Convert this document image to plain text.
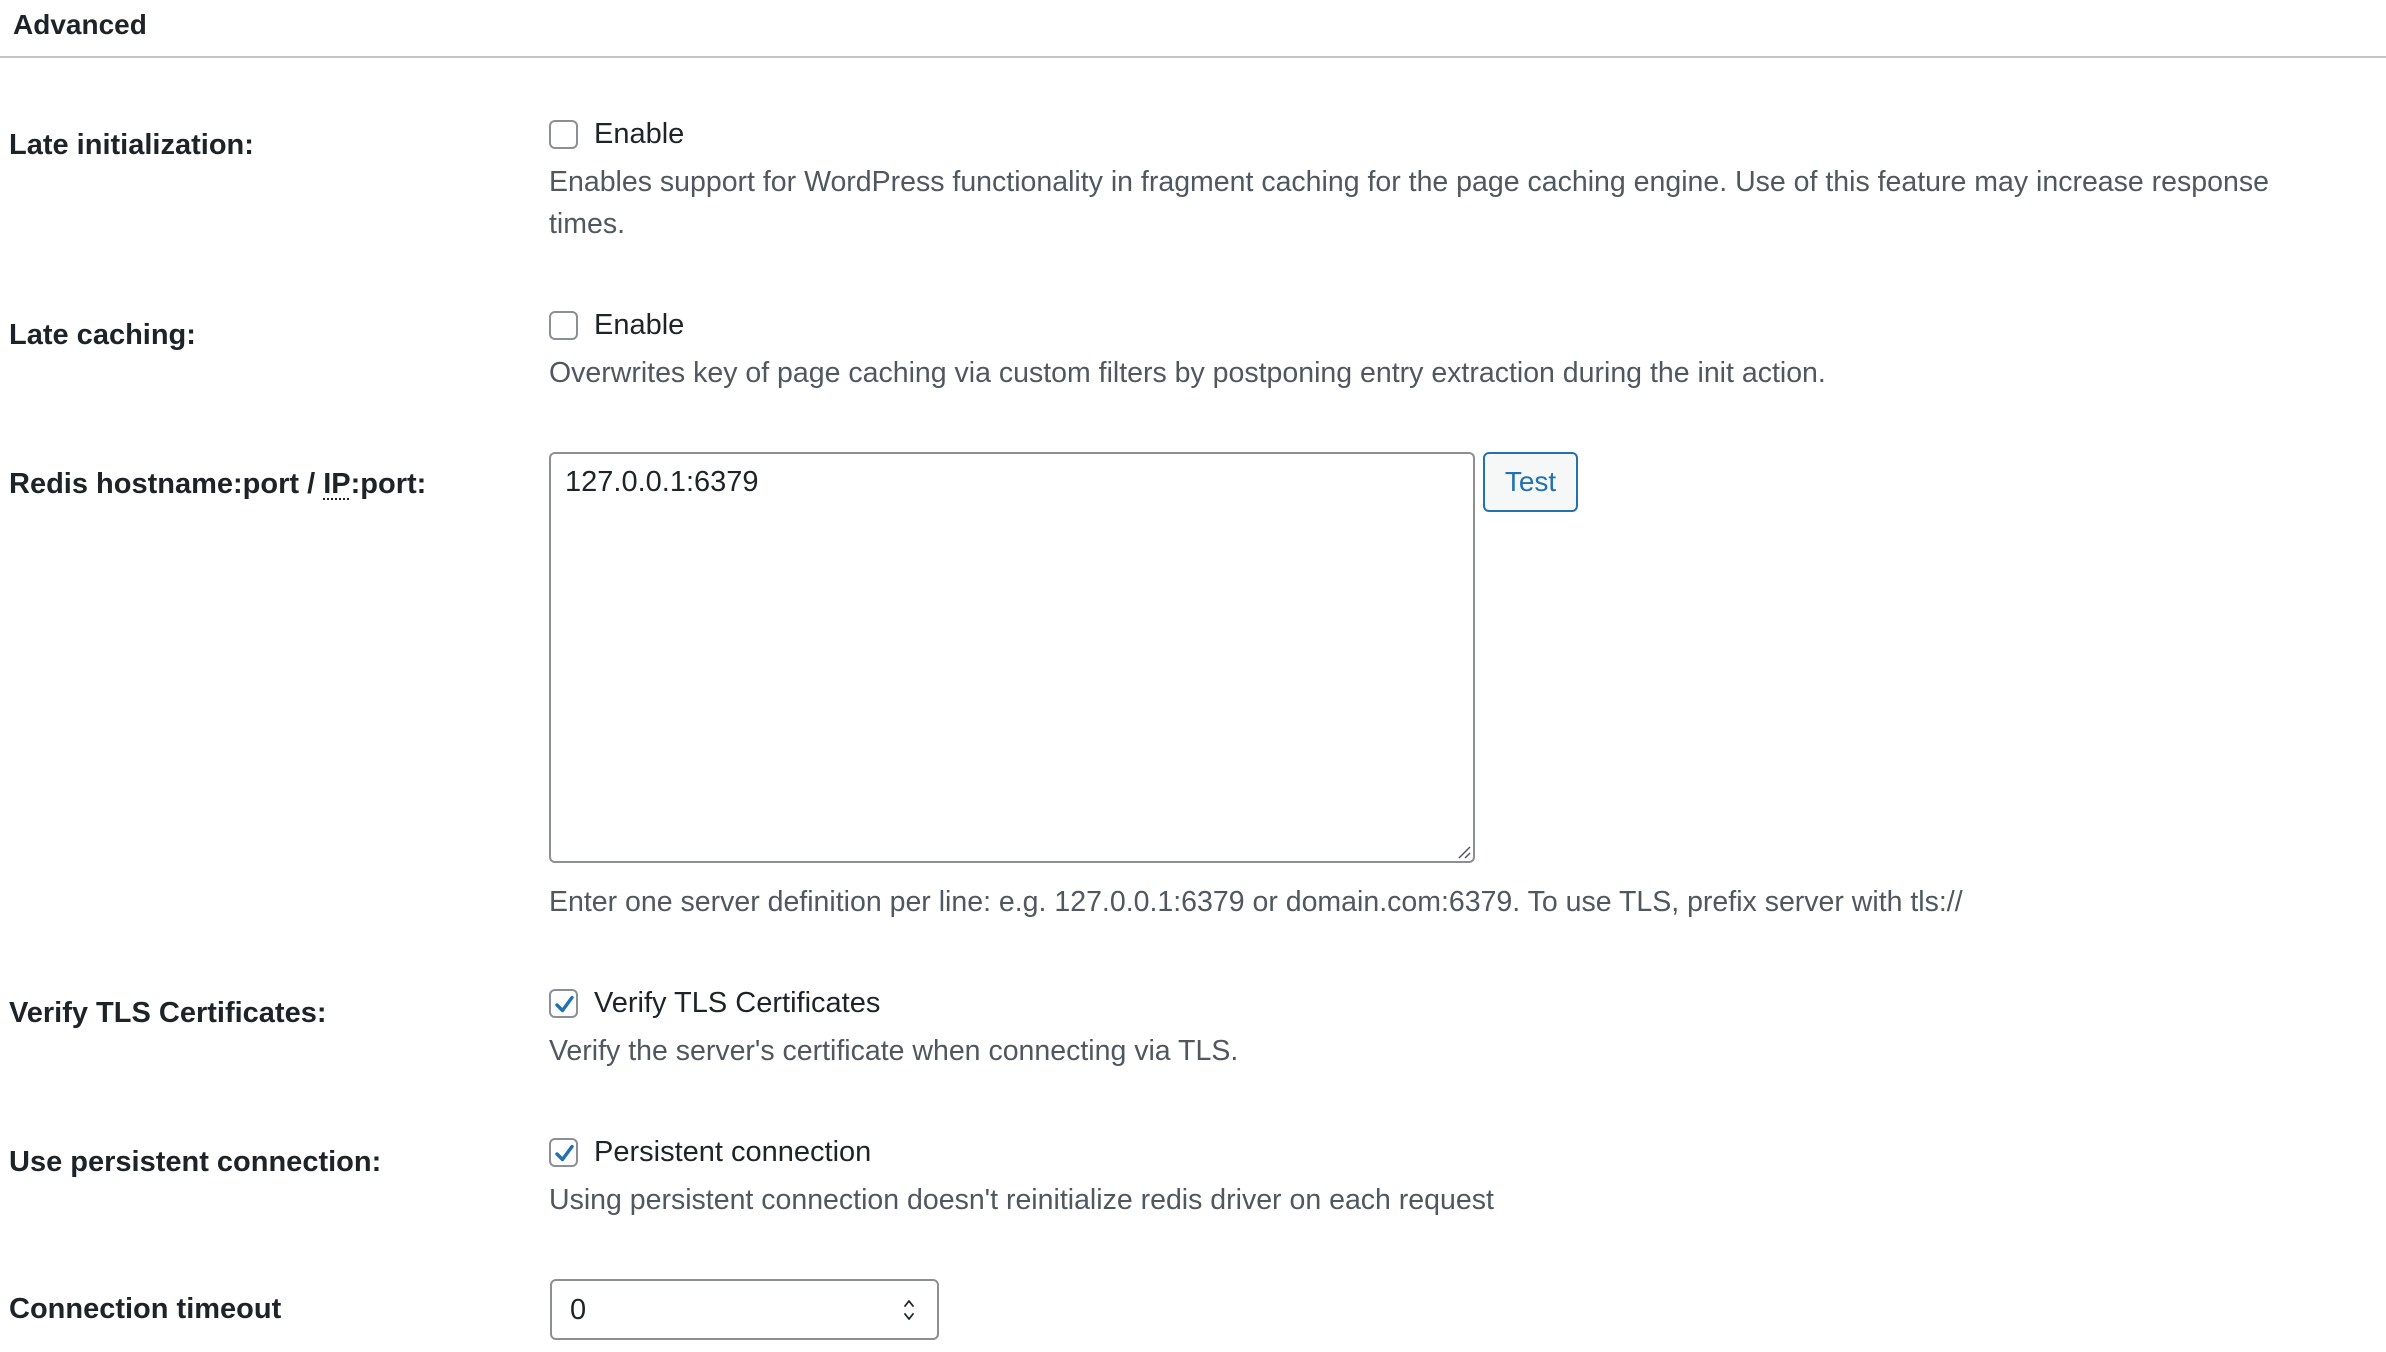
Advanced
Late initialization:	Enable
Enables support for WordPress functionality in fragment caching for the page caching engine. Use of this feature may increase response times.
Late caching:	Enable
Overwrites key of page caching via custom filters by postponing entry extraction during the init action.
Redis hostname:port / IP:port:	127.0.0.1:6379	Test
Enter one server definition per line: e.g. 127.0.0.1:6379 or domain.com:6379. To use TLS, prefix server with tls://
Verify TLS Certificates:	Verify TLS Certificates
Verify the server's certificate when connecting via TLS.
Use persistent connection:	Persistent connection
Using persistent connection doesn't reinitialize redis driver on each request
Connection timeout	0
